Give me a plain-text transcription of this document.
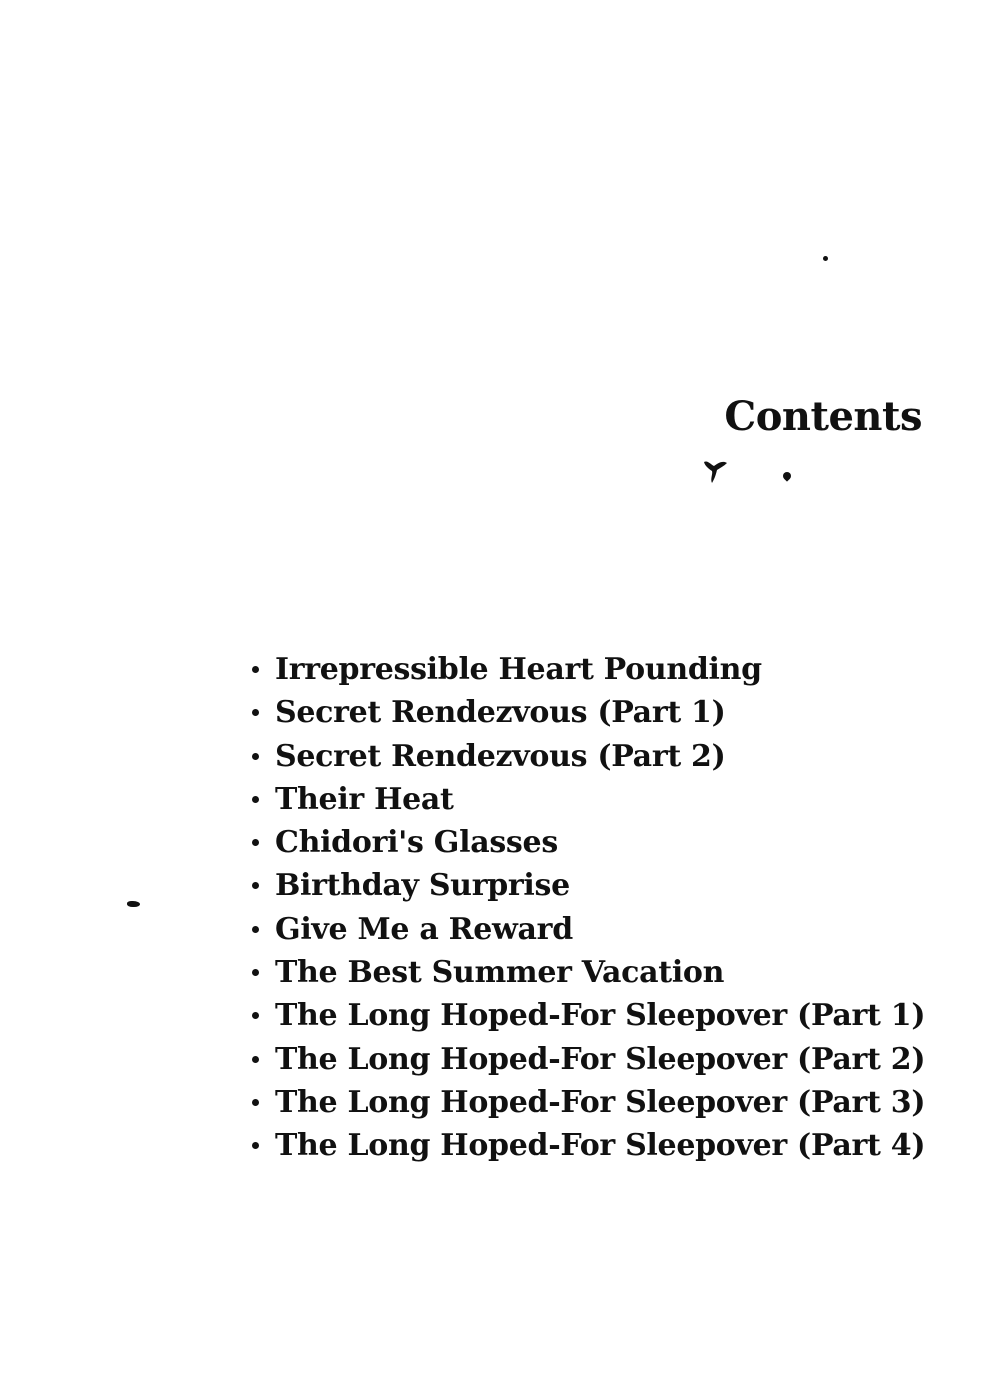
Contents
Irrepressible Heart Pounding
Secret Rendezvous (Part 1)
Secret Rendezvous (Part 2)
Their Heat
Chidori's Glasses
Birthday Surprise
Give Me a Reward
The Best Summer Vacation
The Long Hoped-For Sleepover (Part 1)
The Long Hoped-For Sleepover (Part 2)
The Long Hoped-For Sleepover (Part 3)
The Long Hoped-For Sleepover (Part 4)
